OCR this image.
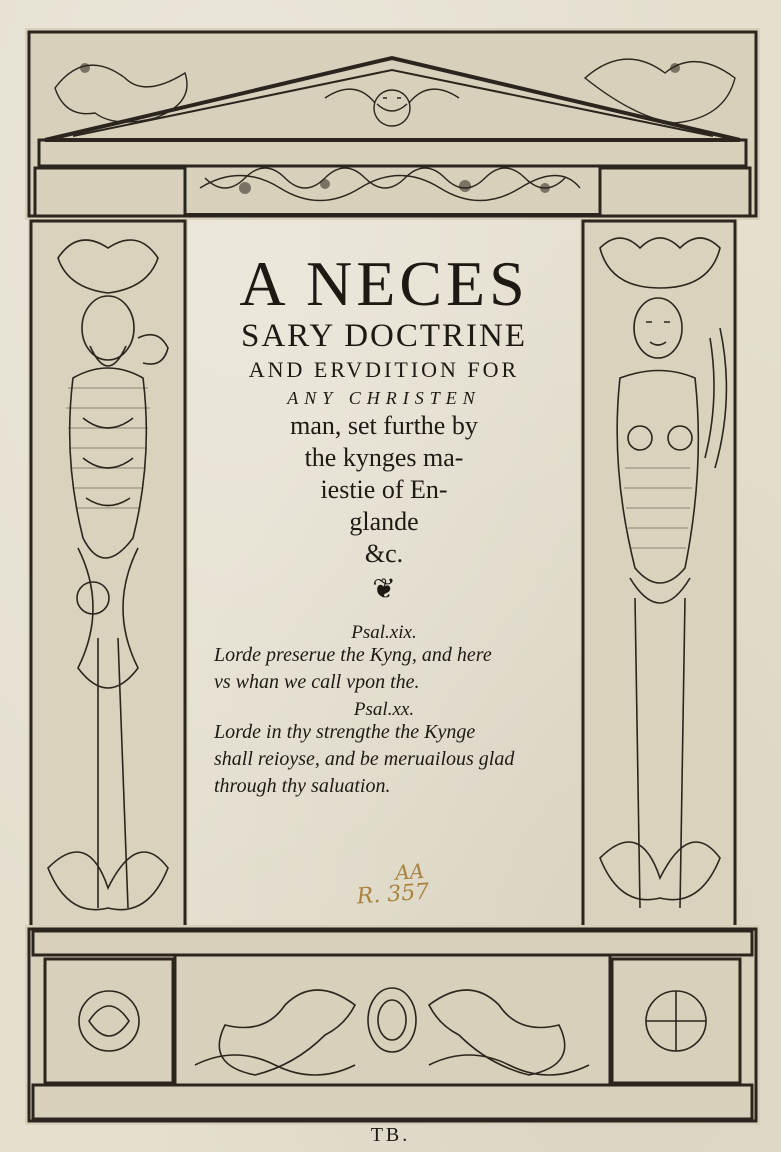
A NECES
SARY DOCTRINE
AND ERVDITION FOR
ANY CHRISTEN
man, set furthe by
the kynges ma-
iestie of En-
glande
&c.
❦
Psal.xix.
Lorde preserue the Kyng, and here
vs whan we call vpon the.
Psal.xx.
Lorde in thy strengthe the Kynge
shall reioyse, and be meruailous glad
through thy saluation.
AA
R. 357
TB.
